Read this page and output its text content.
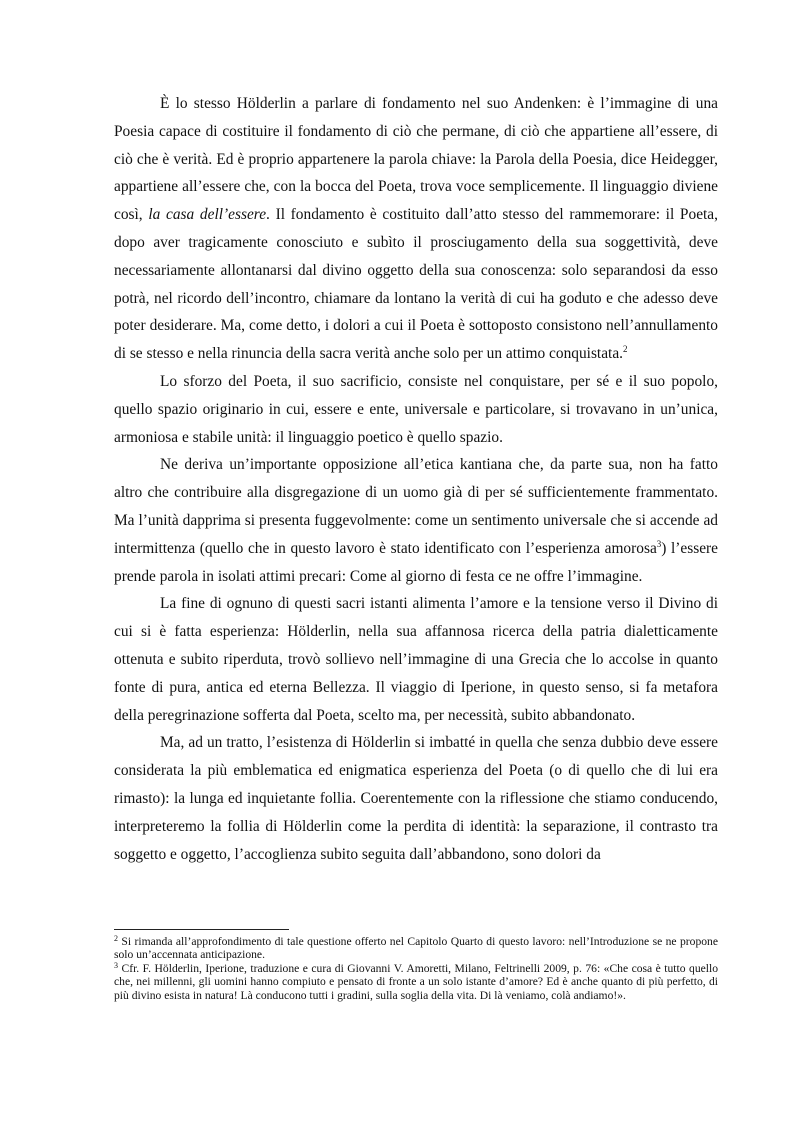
È lo stesso Hölderlin a parlare di fondamento nel suo Andenken: è l’immagine di una Poesia capace di costituire il fondamento di ciò che permane, di ciò che appartiene all’essere, di ciò che è verità. Ed è proprio appartenere la parola chiave: la Parola della Poesia, dice Heidegger, appartiene all’essere che, con la bocca del Poeta, trova voce semplicemente. Il linguaggio diviene così, la casa dell’essere. Il fondamento è costituito dall’atto stesso del rammemorare: il Poeta, dopo aver tragicamente conosciuto e subìto il prosciugamento della sua soggettività, deve necessariamente allontanarsi dal divino oggetto della sua conoscenza: solo separandosi da esso potrà, nel ricordo dell’incontro, chiamare da lontano la verità di cui ha goduto e che adesso deve poter desiderare. Ma, come detto, i dolori a cui il Poeta è sottoposto consistono nell’annullamento di se stesso e nella rinuncia della sacra verità anche solo per un attimo conquistata.$^2$

Lo sforzo del Poeta, il suo sacrificio, consiste nel conquistare, per sé e il suo popolo, quello spazio originario in cui, essere e ente, universale e particolare, si trovavano in un’unica, armoniosa e stabile unità: il linguaggio poetico è quello spazio.

Ne deriva un’importante opposizione all’etica kantiana che, da parte sua, non ha fatto altro che contribuire alla disgregazione di un uomo già di per sé sufficientemente frammentato. Ma l’unità dapprima si presenta fuggevolmente: come un sentimento universale che si accende ad intermittenza (quello che in questo lavoro è stato identificato con l’esperienza amorosa$^3$) l’essere prende parola in isolati attimi precari: Come al giorno di festa ce ne offre l’immagine.

La fine di ognuno di questi sacri istanti alimenta l’amore e la tensione verso il Divino di cui si è fatta esperienza: Hölderlin, nella sua affannosa ricerca della patria dialetticamente ottenuta e subito riperduta, trovò sollievo nell’immagine di una Grecia che lo accolse in quanto fonte di pura, antica ed eterna Bellezza. Il viaggio di Iperione, in questo senso, si fa metafora della peregrinazione sofferta dal Poeta, scelto ma, per necessità, subito abbandonato.

Ma, ad un tratto, l’esistenza di Hölderlin si imbatté in quella che senza dubbio deve essere considerata la più emblematica ed enigmatica esperienza del Poeta (o di quello che di lui era rimasto): la lunga ed inquietante follia. Coerentemente con la riflessione che stiamo conducendo, interpreteremo la follia di Hölderlin come la perdita di identità: la separazione, il contrasto tra soggetto e oggetto, l’accoglienza subito seguita dall’abbandono, sono dolori da

$^2$ Si rimanda all’approfondimento di tale questione offerto nel Capitolo Quarto di questo lavoro: nell’Introduzione se ne propone solo un’accennata anticipazione.

$^3$ Cfr. F. Hölderlin, Iperione, traduzione e cura di Giovanni V. Amoretti, Milano, Feltrinelli 2009, p. 76: «Che cosa è tutto quello che, nei millenni, gli uomini hanno compiuto e pensato di fronte a un solo istante d’amore? Ed è anche quanto di più perfetto, di più divino esista in natura! Là conducono tutti i gradini, sulla soglia della vita. Di là veniamo, colà andiamo!».
